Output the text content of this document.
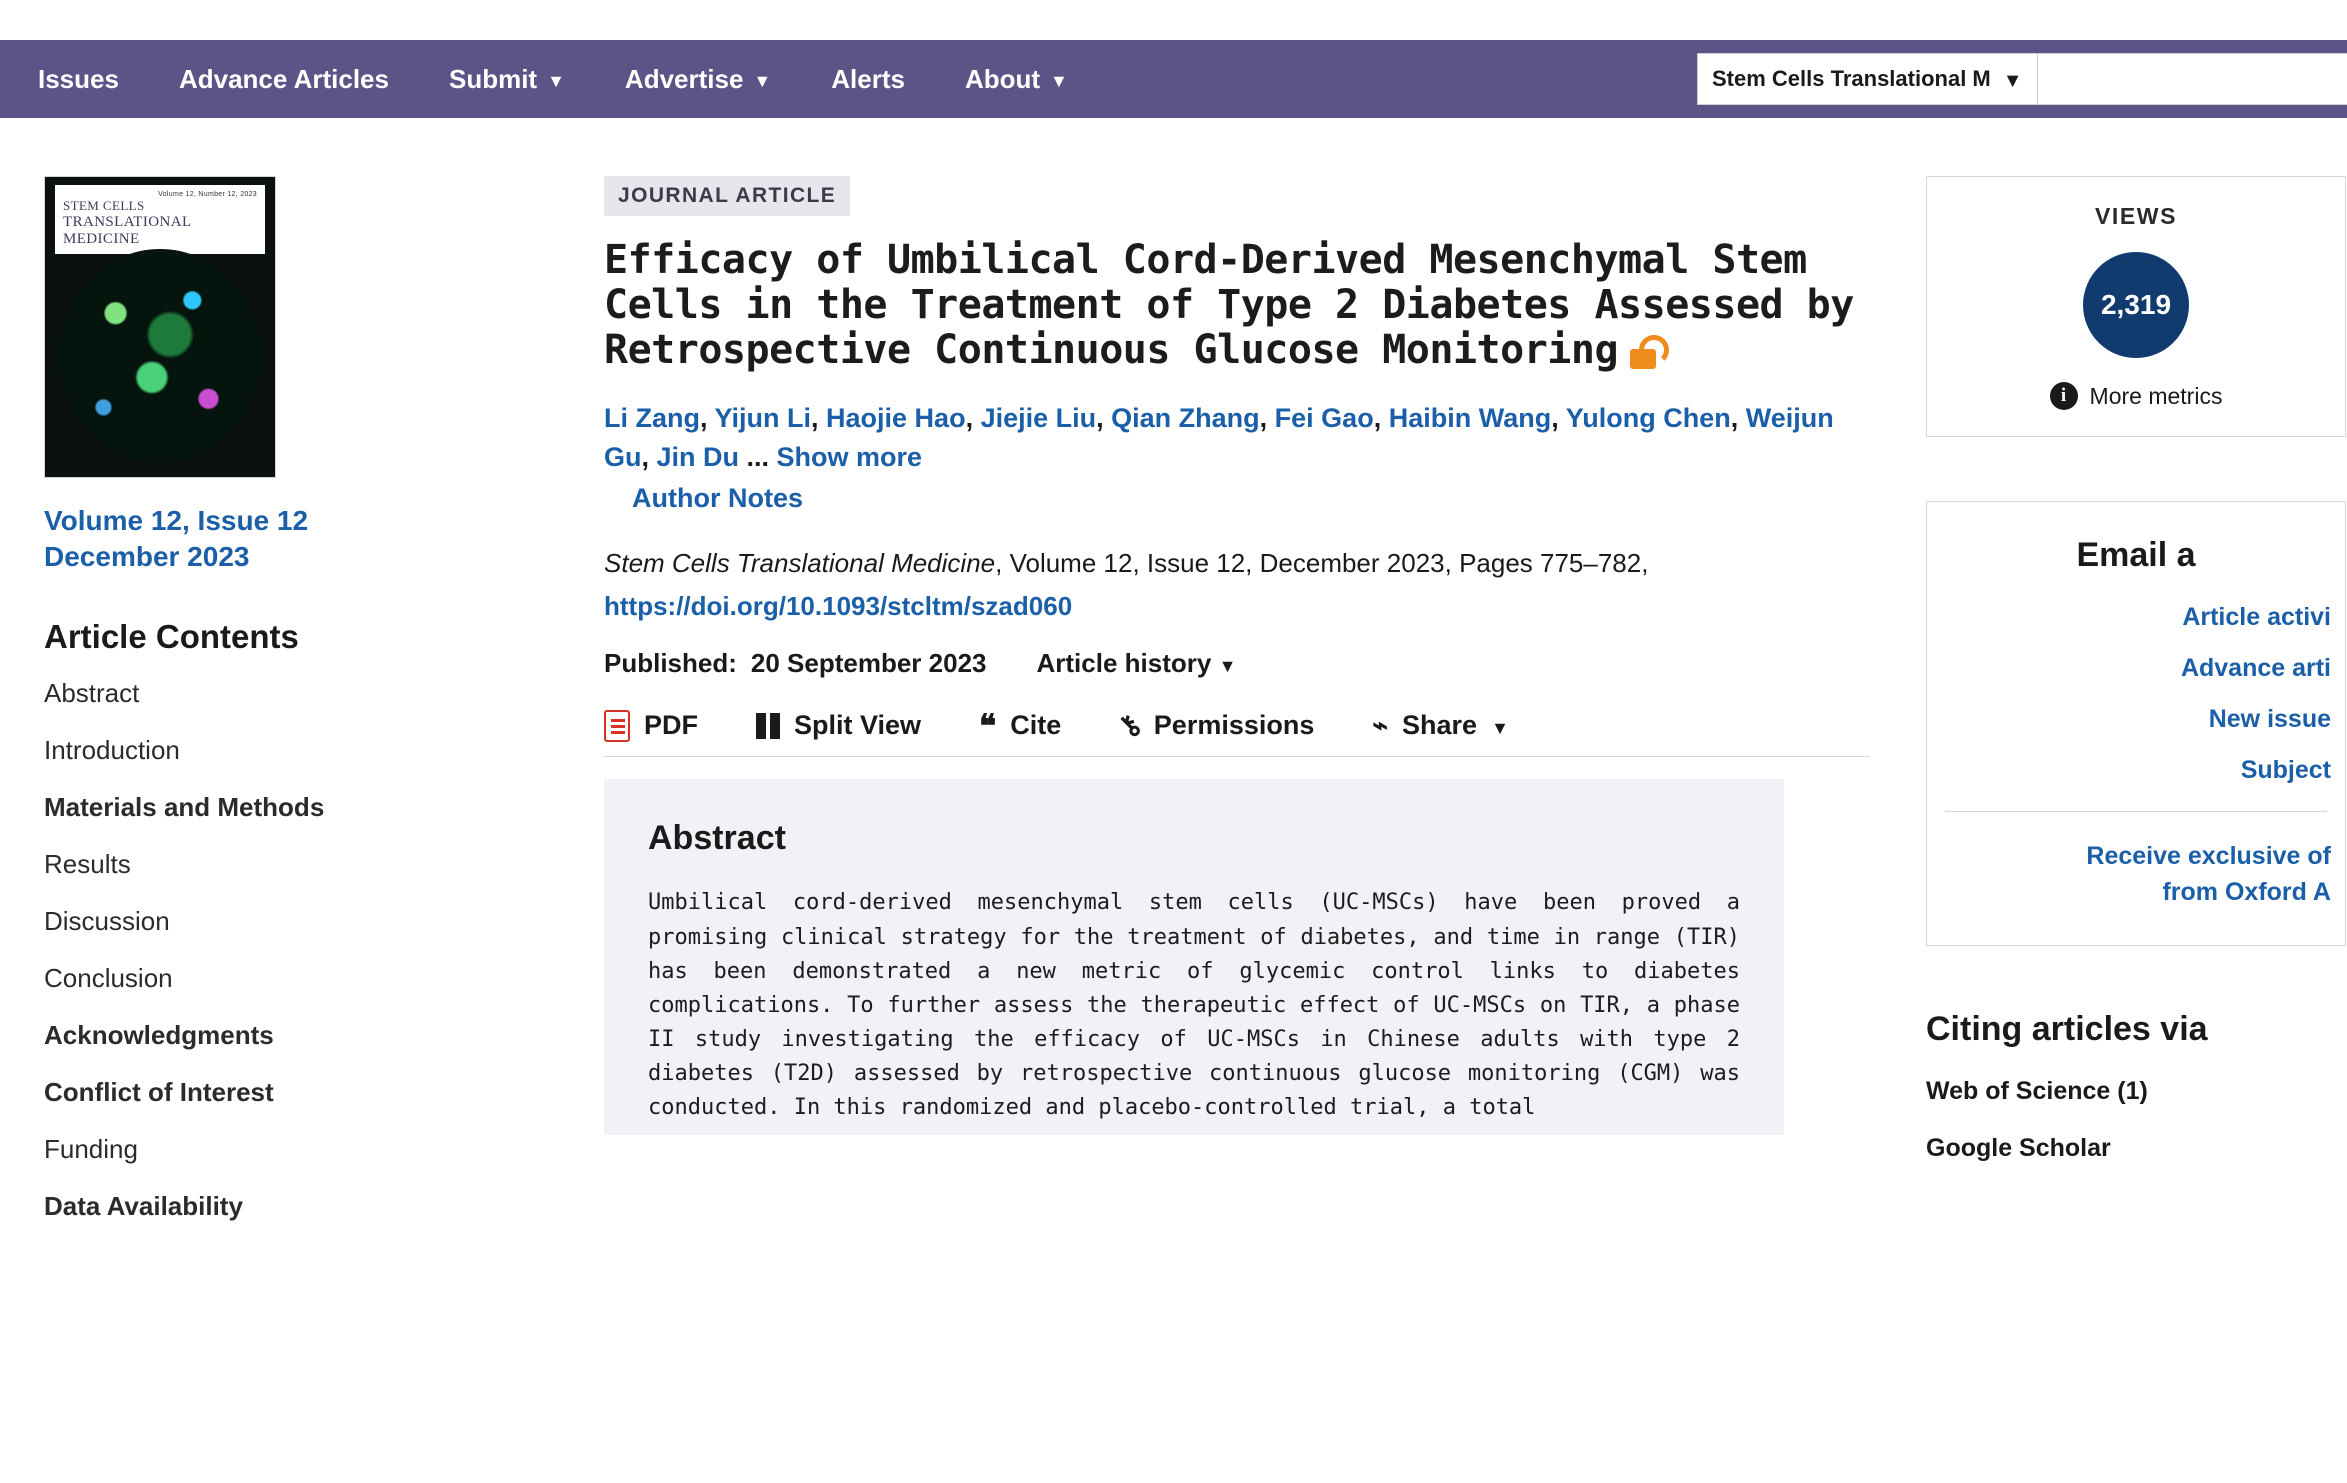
Issues Advance Articles Submit ▼ Advertise ▼ Alerts About ▼	Stem Cells Translational M ▼
Volume 12, Number 12, 2023
STEM CELLS
TRANSLATIONAL MEDICINE
Volume 12, Issue 12
December 2023
Article Contents
Abstract
Introduction
Materials and Methods
Results
Discussion
Conclusion
Acknowledgments
Conflict of Interest
Funding
Data Availability
JOURNAL ARTICLE
Efficacy of Umbilical Cord-Derived Mesenchymal Stem Cells in the Treatment of Type 2 Diabetes Assessed by Retrospective Continuous Glucose Monitoring
Li Zang, Yijun Li, Haojie Hao, Jiejie Liu, Qian Zhang, Fei Gao, Haibin Wang, Yulong Chen, Weijun Gu, Jin Du ... Show more
Author Notes
Stem Cells Translational Medicine, Volume 12, Issue 12, December 2023, Pages 775–782,
https://doi.org/10.1093/stcltm/szad060
Published: 20 September 2023 Article history ▼
PDF	Split View ❝ Cite ⚷ Permissions ⌁ Share ▼
Abstract
Umbilical cord-derived mesenchymal stem cells (UC-MSCs) have been proved a promising clinical strategy for the treatment of diabetes, and time in range (TIR) has been demonstrated a new metric of glycemic control links to diabetes complications. To further assess the therapeutic effect of UC-MSCs on TIR, a phase II study investigating the efficacy of UC-MSCs in Chinese adults with type 2 diabetes (T2D) assessed by retrospective continuous glucose monitoring (CGM) was conducted. In this randomized and placebo-controlled trial, a total
VIEWS
2,319
i	More metrics
Email a
Article activi
Advance arti
New issue
Subject
Receive exclusive of
from Oxford A
Citing articles via
Web of Science (1)
Google Scholar
